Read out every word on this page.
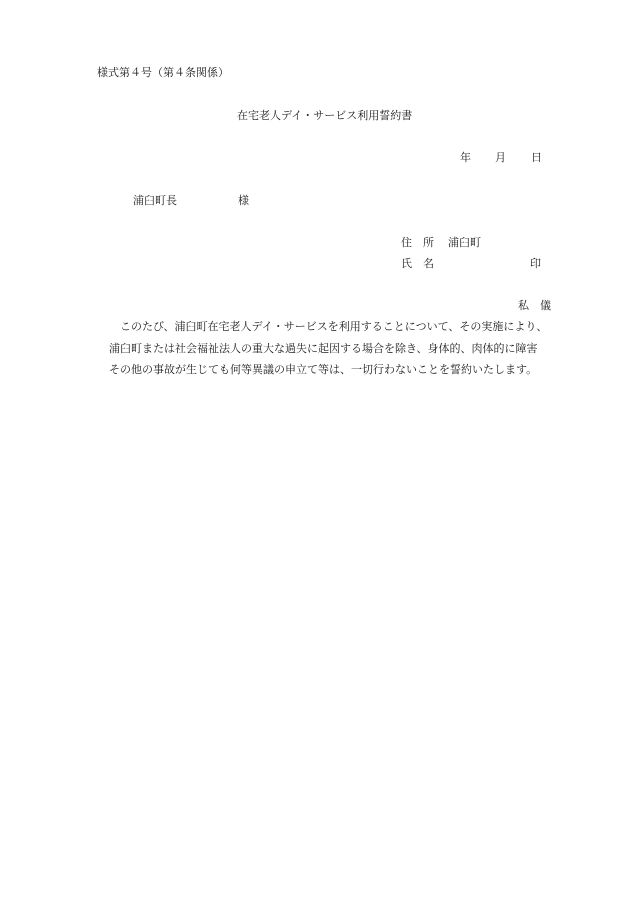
様式第４号（第４条関係）
在宅老人デイ・サービス利用誓約書
年 月 日
浦臼町長	様
住　所 浦臼町
氏　名	印
私　儀
このたび、浦臼町在宅老人デイ・サービスを利用することについて、その実施により、
浦臼町または社会福祉法人の重大な過失に起因する場合を除き、身体的、肉体的に障害
その他の事故が生じても何等異議の申立て等は、一切行わないことを誓約いたします。
